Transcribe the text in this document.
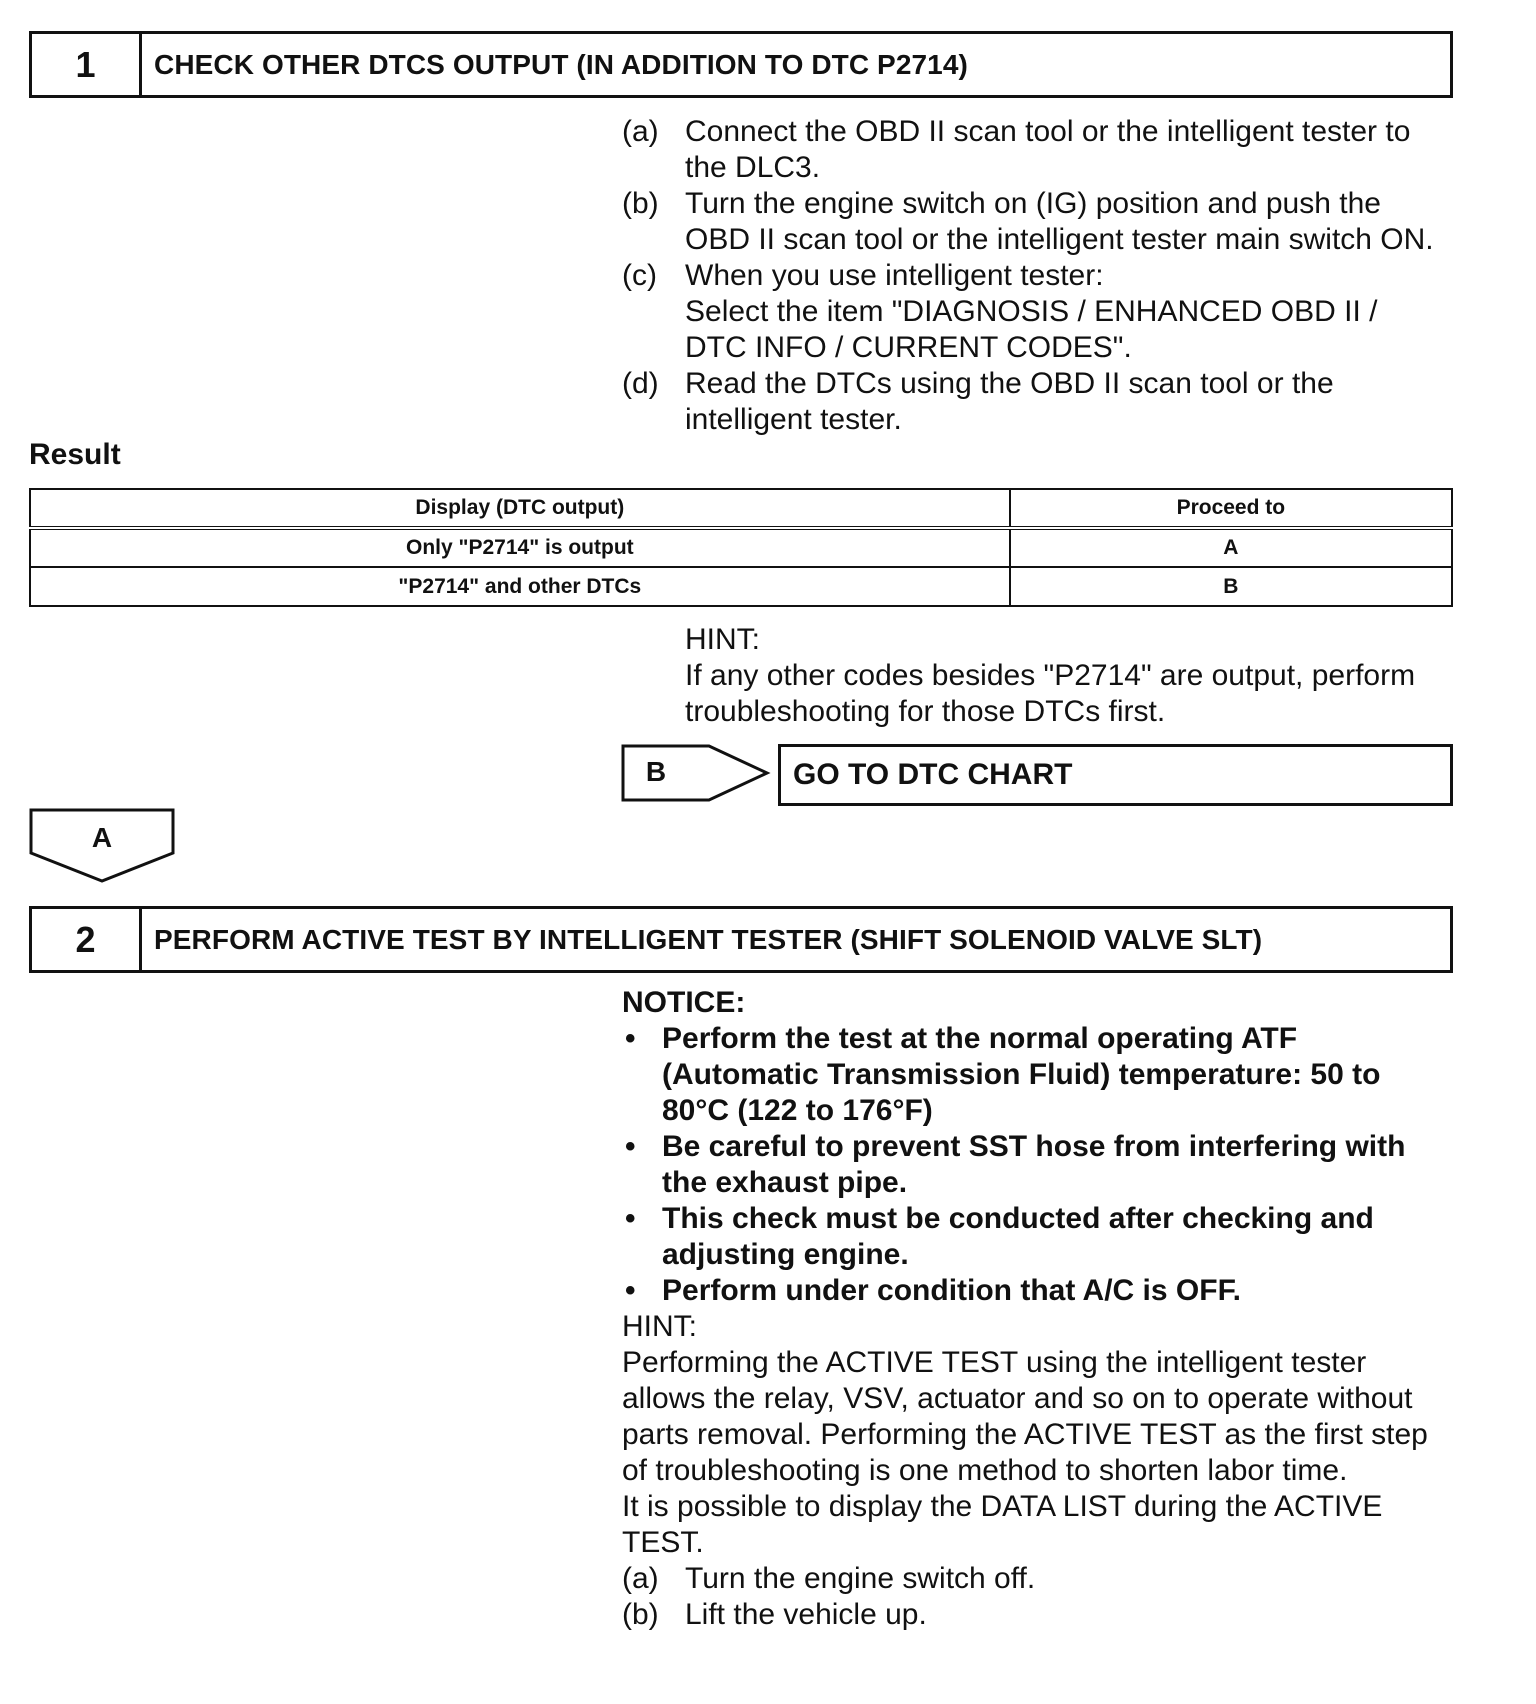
1	CHECK OTHER DTCS OUTPUT (IN ADDITION TO DTC P2714)
(a) Connect the OBD II scan tool or the intelligent tester to
the DLC3.
(b) Turn the engine switch on (IG) position and push the
OBD II scan tool or the intelligent tester main switch ON.
(c) When you use intelligent tester:
Select the item "DIAGNOSIS / ENHANCED OBD II /
DTC INFO / CURRENT CODES".
(d) Read the DTCs using the OBD II scan tool or the
intelligent tester.
Result
Display (DTC output)	Proceed to
Only "P2714" is output	A
"P2714" and other DTCs	B
HINT:
If any other codes besides "P2714" are output, perform
troubleshooting for those DTCs first.
B	GO TO DTC CHART
A
2	PERFORM ACTIVE TEST BY INTELLIGENT TESTER (SHIFT SOLENOID VALVE SLT)
NOTICE:
• Perform the test at the normal operating ATF
(Automatic Transmission Fluid) temperature: 50 to
80°C (122 to 176°F)
• Be careful to prevent SST hose from interfering with
the exhaust pipe.
• This check must be conducted after checking and
adjusting engine.
• Perform under condition that A/C is OFF.
HINT:
Performing the ACTIVE TEST using the intelligent tester
allows the relay, VSV, actuator and so on to operate without
parts removal. Performing the ACTIVE TEST as the first step
of troubleshooting is one method to shorten labor time.
It is possible to display the DATA LIST during the ACTIVE
TEST.
(a) Turn the engine switch off.
(b) Lift the vehicle up.
